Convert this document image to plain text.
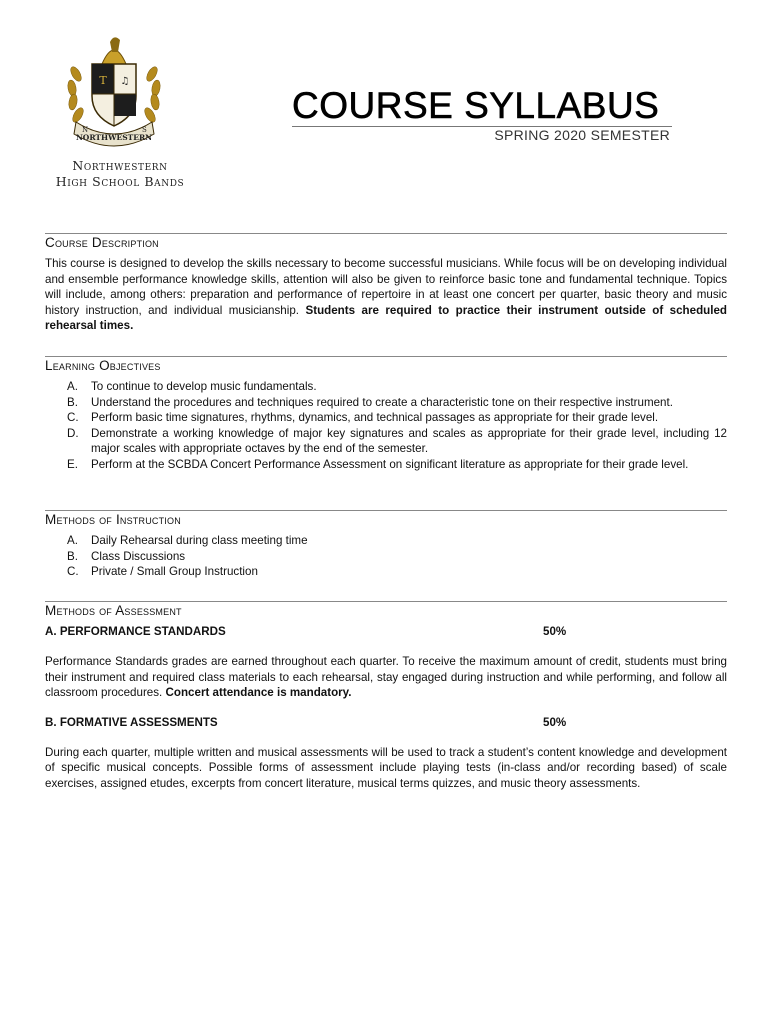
T ♫
NORTHWESTERN
N	S
Northwestern
High School Bands
COURSE SYLLABUS
SPRING 2020 SEMESTER
Course Description
This course is designed to develop the skills necessary to become successful musicians. While focus will be on developing individual and ensemble performance knowledge skills, attention will also be given to reinforce basic tone and fundamental technique. Topics will include, among others: preparation and performance of repertoire in at least one concert per quarter, basic theory and music history instruction, and individual musicianship. Students are required to practice their instrument outside of scheduled rehearsal times.
Learning Objectives
A. To continue to develop music fundamentals.
B. Understand the procedures and techniques required to create a characteristic tone on their respective instrument.
C. Perform basic time signatures, rhythms, dynamics, and technical passages as appropriate for their grade level.
D. Demonstrate a working knowledge of major key signatures and scales as appropriate for their grade level, including 12 major scales with appropriate octaves by the end of the semester.
E. Perform at the SCBDA Concert Performance Assessment on significant literature as appropriate for their grade level.
Methods of Instruction
A. Daily Rehearsal during class meeting time
B. Class Discussions
C. Private / Small Group Instruction
Methods of Assessment
A. PERFORMANCE STANDARDS	50%
Performance Standards grades are earned throughout each quarter. To receive the maximum amount of credit, students must bring their instrument and required class materials to each rehearsal, stay engaged during instruction and while performing, and follow all classroom procedures. Concert attendance is mandatory.
B. FORMATIVE ASSESSMENTS	50%
During each quarter, multiple written and musical assessments will be used to track a student’s content knowledge and development of specific musical concepts. Possible forms of assessment include playing tests (in-class and/or recording based) of scale exercises, assigned etudes, excerpts from concert literature, musical terms quizzes, and music theory assessments.
